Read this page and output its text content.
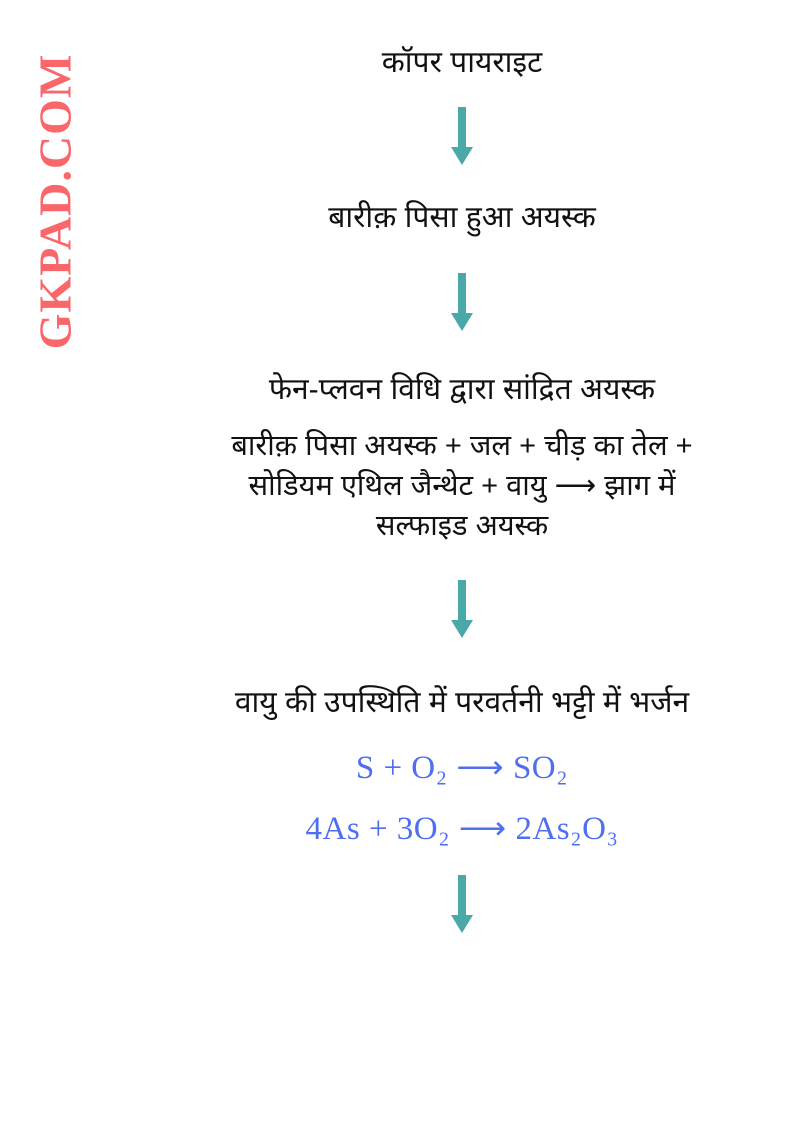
GKPAD.COM	कॉपर पायराइट
बारीक़ पिसा हुआ अयस्क
फेन-प्लवन विधि द्वारा सांद्रित अयस्क
बारीक़ पिसा अयस्क + जल + चीड़ का तेल +
सोडियम एथिल जैन्थेट + वायु ⟶ झाग में
सल्फाइड अयस्क
वायु की उपस्थिति में परवर्तनी भट्टी में भर्जन
S + O₂ ⟶ SO₂
4As + 3O₂ ⟶ 2As₂O₃
